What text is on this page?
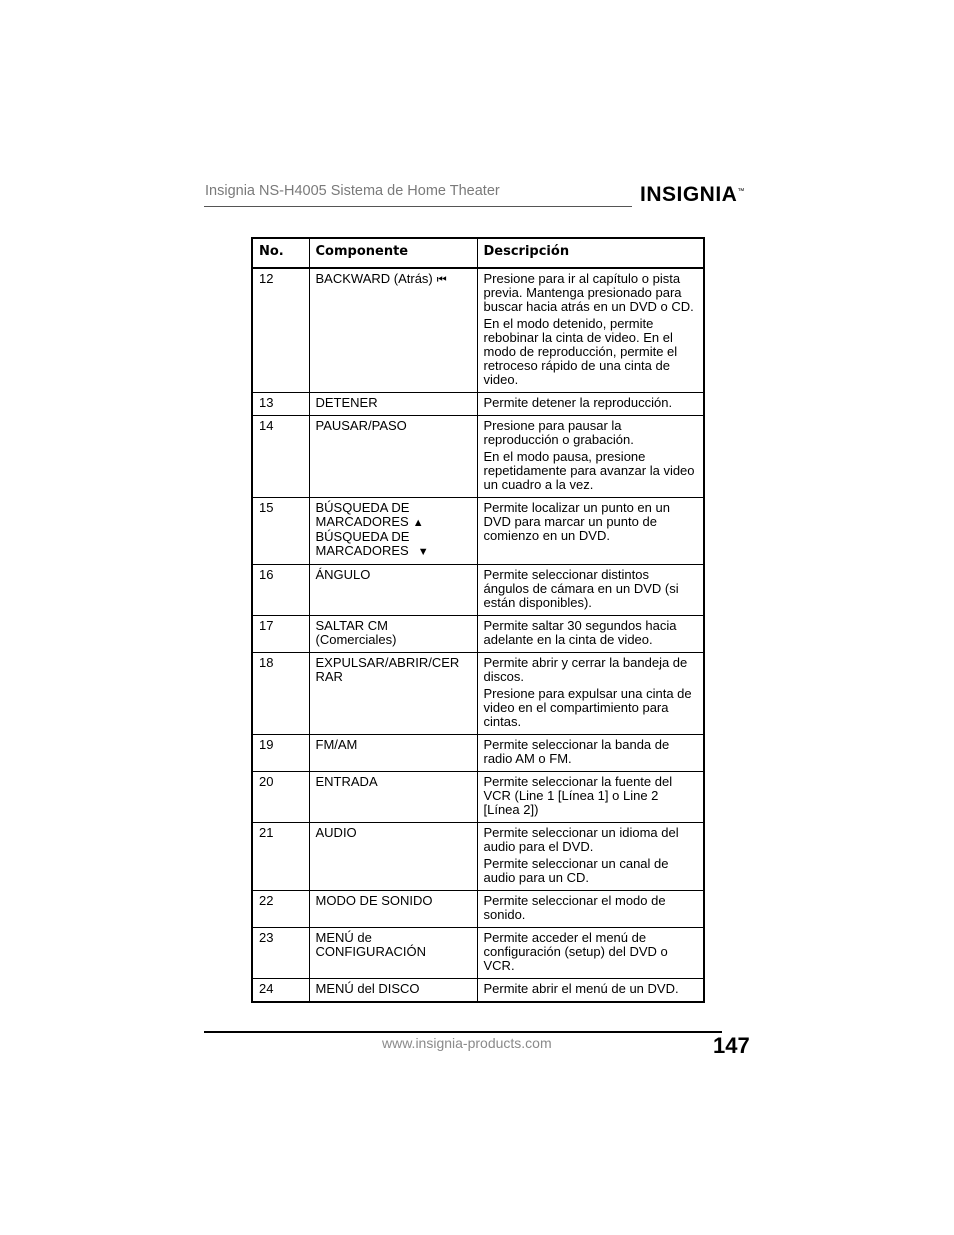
Insignia NS-H4005 Sistema de Home Theater	INSIGNIA™
No.	Componente	Descripción
12	BACKWARD (Atrás) ⏮	Presione para ir al capítulo o pista previa. Mantenga presionado para buscar hacia atrás en un DVD o CD.
En el modo detenido, permite rebobinar la cinta de video. En el modo de reproducción, permite el retroceso rápido de una cinta de video.

13	DETENER	Permite detener la reproducción.

14	PAUSAR/PASO	Presione para pausar la reproducción o grabación.
En el modo pausa, presione repetidamente para avanzar la video un cuadro a la vez.

15	BÚSQUEDA DE
MARCADORES ▲
BÚSQUEDA DE
MARCADORES ▼	Permite localizar un punto en un DVD para marcar un punto de comienzo en un DVD.

16	ÁNGULO	Permite seleccionar distintos ángulos de cámara en un DVD (si están disponibles).

17	SALTAR CM
(Comerciales)	Permite saltar 30 segundos hacia adelante en la cinta de video.

18	EXPULSAR/ABRIR/CER
RAR	Permite abrir y cerrar la bandeja de discos.
Presione para expulsar una cinta de video en el compartimiento para cintas.

19	FM/AM	Permite seleccionar la banda de radio AM o FM.

20	ENTRADA	Permite seleccionar la fuente del VCR (Line 1 [Línea 1] o Line 2 [Línea 2])

21	AUDIO	Permite seleccionar un idioma del audio para el DVD.
Permite seleccionar un canal de audio para un CD.

22	MODO DE SONIDO	Permite seleccionar el modo de sonido.

23	MENÚ de
CONFIGURACIÓN	Permite acceder el menú de configuración (setup) del DVD o VCR.

24	MENÚ del DISCO	Permite abrir el menú de un DVD.
www.insignia-products.com	147
